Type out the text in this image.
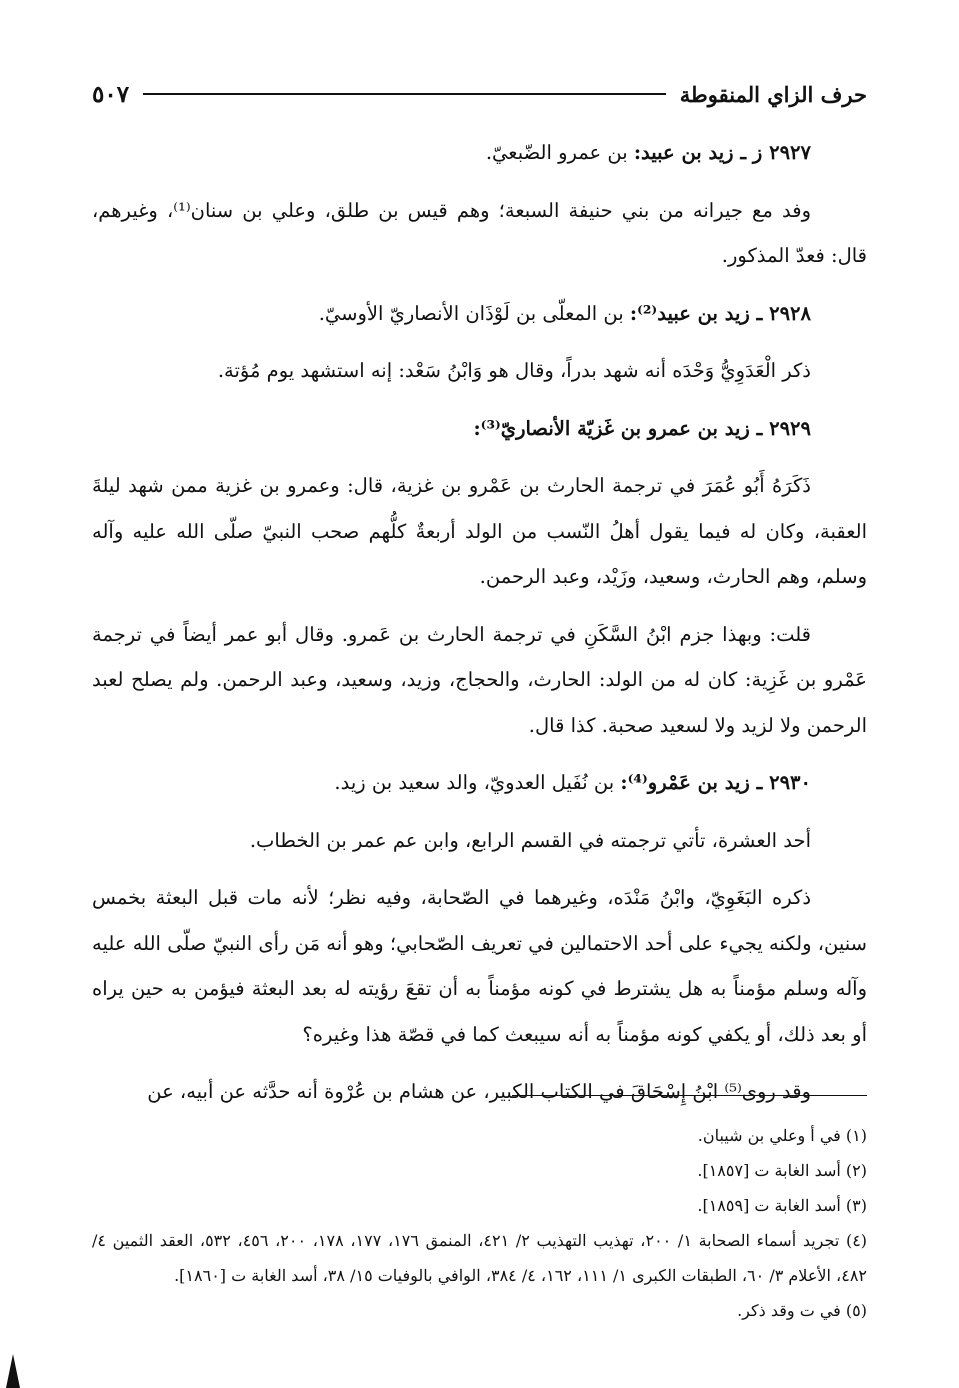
حرف الزاي المنقوطة
٥٠٧

٢٩٢٧ ز ـ زيد بن عبيد: بن عمرو الضّبعيّ.

وفد مع جيرانه من بني حنيفة السبعة؛ وهم قيس بن طلق، وعلي بن سنان⁽¹⁾، وغيرهم، قال: فعدّ المذكور.

٢٩٢٨ ـ زيد بن عبيد⁽²⁾: بن المعلّى بن لَوْذَان الأنصاريّ الأوسيّ.

ذكر الْعَدَوِيُّ وَحْدَه أنه شهد بدراً، وقال هو وَابْنُ سَعْد: إنه استشهد يوم مُؤتة.

٢٩٢٩ ـ زيد بن عمرو بن غَزيّة الأنصاريّ⁽³⁾:

ذَكَرَهُ أَبُو عُمَرَ في ترجمة الحارث بن عَمْرو بن غزية، قال: وعمرو بن غزية ممن شهد ليلةَ العقبة، وكان له فيما يقول أهلُ النّسب من الولد أربعةٌ كلُّهم صحب النبيّ صلّى الله عليه وآله وسلم، وهم الحارث، وسعيد، وزَيْد، وعبد الرحمن.

قلت: وبهذا جزم ابْنُ السَّكَنِ في ترجمة الحارث بن عَمرو. وقال أبو عمر أيضاً في ترجمة عَمْرو بن غَزِية: كان له من الولد: الحارث، والحجاج، وزيد، وسعيد، وعبد الرحمن. ولم يصلح لعبد الرحمن ولا لزيد ولا لسعيد صحبة. كذا قال.

٢٩٣٠ ـ زيد بن عَمْرو⁽⁴⁾: بن نُفَيل العدويّ، والد سعيد بن زيد.

أحد العشرة، تأتي ترجمته في القسم الرابع، وابن عم عمر بن الخطاب.

ذكره البَغَوِيّ، وابْنُ مَنْدَه، وغيرهما في الصّحابة، وفيه نظر؛ لأنه مات قبل البعثة بخمس سنين، ولكنه يجيء على أحد الاحتمالين في تعريف الصّحابي؛ وهو أنه مَن رأى النبيّ صلّى الله عليه وآله وسلم مؤمناً به هل يشترط في كونه مؤمناً به أن تقعَ رؤيته له بعد البعثة فيؤمن به حين يراه أو بعد ذلك، أو يكفي كونه مؤمناً به أنه سيبعث كما في قصّة هذا وغيره؟

وقد روى⁽⁵⁾ ابْنُ إِسْحَاقَ في الكتاب الكبير، عن هشام بن عُرْوة أنه حدَّثه عن أبيه، عن

(١) في أ وعلي بن شيبان.

(٢) أسد الغابة ت [١٨٥٧].

(٣) أسد الغابة ت [١٨٥٩].

(٤) تجريد أسماء الصحابة ١/ ٢٠٠، تهذيب التهذيب ٢/ ٤٢١، المنمق ١٧٦، ١٧٧، ١٧٨، ٢٠٠، ٤٥٦، ٥٣٢، العقد الثمين ٤/ ٤٨٢، الأعلام ٣/ ٦٠، الطبقات الكبرى ١/ ١١١، ١٦٢، ٤/ ٣٨٤، الوافي بالوفيات ١٥/ ٣٨، أسد الغابة ت [١٨٦٠].

(٥) في ت وقد ذكر.
